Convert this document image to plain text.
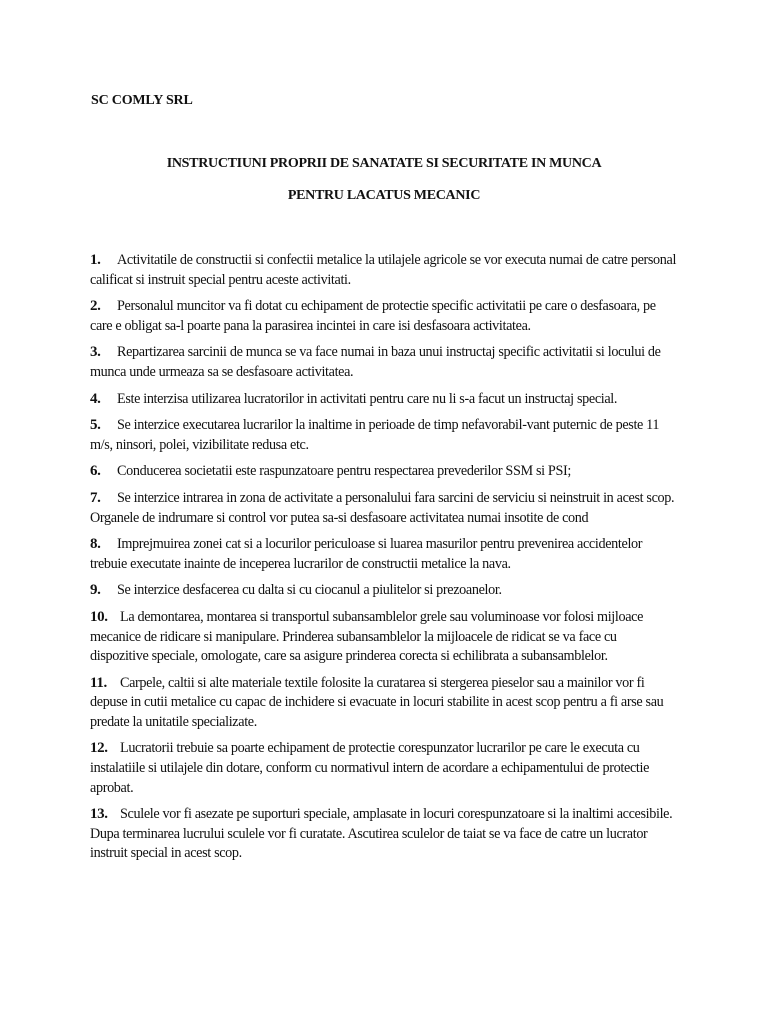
SC COMLY SRL
INSTRUCTIUNI PROPRII DE SANATATE SI SECURITATE IN MUNCA
PENTRU LACATUS MECANIC
1. Activitatile de constructii si confectii metalice la utilajele agricole se vor executa numai de catre personal calificat si instruit special pentru aceste activitati.
2. Personalul muncitor va fi dotat cu echipament de protectie specific activitatii pe care o desfasoara, pe care e obligat sa-l poarte pana la parasirea incintei in care isi desfasoara activitatea.
3. Repartizarea sarcinii de munca se va face numai in baza unui instructaj specific activitatii si locului de munca unde urmeaza sa se desfasoare activitatea.
4. Este interzisa utilizarea lucratorilor in activitati pentru care nu li s-a facut un instructaj special.
5. Se interzice executarea lucrarilor la inaltime in perioade de timp nefavorabil-vant puternic de peste 11 m/s, ninsori, polei, vizibilitate redusa etc.
6. Conducerea societatii este raspunzatoare pentru respectarea prevederilor SSM si PSI;
7. Se interzice intrarea in zona de activitate a personalului fara sarcini de serviciu si neinstruit in acest scop. Organele de indrumare si control vor putea sa-si desfasoare activitatea numai insotite de cond
8. Imprejmuirea zonei cat si a locurilor periculoase si luarea masurilor pentru prevenirea accidentelor trebuie executate inainte de inceperea lucrarilor de constructii metalice la nava.
9. Se interzice desfacerea cu dalta si cu ciocanul a piulitelor si prezoanelor.
10. La demontarea, montarea si transportul subansamblelor grele sau voluminoase vor folosi mijloace mecanice de ridicare si manipulare. Prinderea subansamblelor la mijloacele de ridicat se va face cu dispozitive speciale, omologate, care sa asigure prinderea corecta si echilibrata a subansamblelor.
11. Carpele, caltii si alte materiale textile folosite la curatarea si stergerea pieselor sau a mainilor vor fi depuse in cutii metalice cu capac de inchidere si evacuate in locuri stabilite in acest scop pentru a fi arse sau predate la unitatile specializate.
12. Lucratorii trebuie sa poarte echipament de protectie corespunzator lucrarilor pe care le executa cu instalatiile si utilajele din dotare, conform cu normativul intern de acordare a echipamentului de protectie aprobat.
13. Sculele vor fi asezate pe suporturi speciale, amplasate in locuri corespunzatoare si la inaltimi accesibile. Dupa terminarea lucrului sculele vor fi curatate. Ascutirea sculelor de taiat se va face de catre un lucrator instruit special in acest scop.
